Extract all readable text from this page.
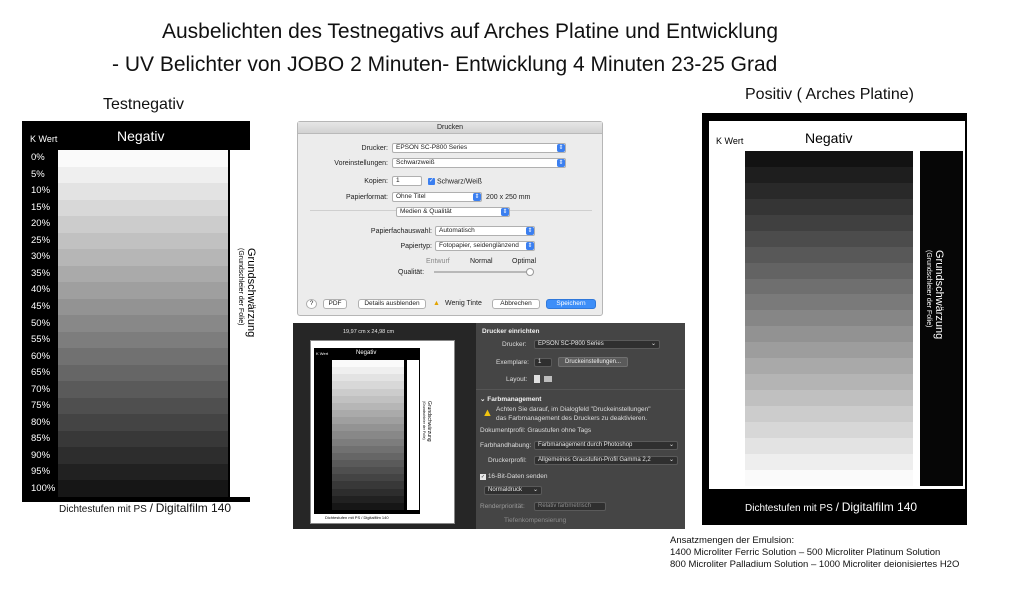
Ausbelichten des Testnegativs auf Arches Platine und Entwicklung
- UV Belichter von JOBO 2 Minuten- Entwicklung 4 Minuten 23-25 Grad
Testnegativ
0%
5%
10%
15%
20%
25%
30%
35%
40%
45%
50%
55%
60%
65%
70%
75%
80%
85%
90%
95%
100%
K Wert	Negativ
Grundschwärzung
(Grundschleier der Folie)
Dichtestufen mit PS / Digitalfilm 140
Drucken
Drucker:	EPSON SC-P800 Series	⇕
Voreinstellungen:	Schwarzweiß	⇕
Kopien:	1	✓ Schwarz/Weiß
Papierformat:	Ohne Titel	⇕ 200 x 250 mm
Medien & Qualität	⇕
Papierfachauswahl:	Automatisch	⇕
Papiertyp:	Fotopapier, seidenglänzend ⇕
Entwurf	Normal	Optimal
Qualität:
?	PDF	Details ausblenden	▲ Wenig Tinte	Abbrechen	Speichern
19,97 cm x 24,98 cm
K Wert	Negativ
Grundschwärzung
(Grundschleier der Folie)
Dichtestufen mit PS / Digitalfilm 140
Drucker einrichten
Drucker:	EPSON SC-P800 Series	⌄
Exemplare:	1	Druckeinstellungen...
Layout:
⌄ Farbmanagement
▲ Achten Sie darauf, im Dialogfeld "Druckeinstellungen"
das Farbmanagement des Druckers zu deaktivieren.
Dokumentprofil: Graustufen ohne Tags
Farbhandhabung:	Farbmanagement durch Photoshop	⌄
Druckerprofil:	Allgemeines Graustufen-Profil Gamma 2,2	⌄
✓ 16-Bit-Daten senden
Normaldruck ⌄
Renderpriorität:	Relativ farbmetrisch
Tiefenkompensierung
Positiv ( Arches Platine)
K Wert	Negativ
Grundschwärzung
(Grundschleier der Folie)
Dichtestufen mit PS / Digitalfilm 140
Ansatzmengen der Emulsion:
1400 Microliter Ferric Solution – 500 Microliter Platinum Solution
800 Microliter Palladium Solution – 1000 Microliter deionisiertes H2O
